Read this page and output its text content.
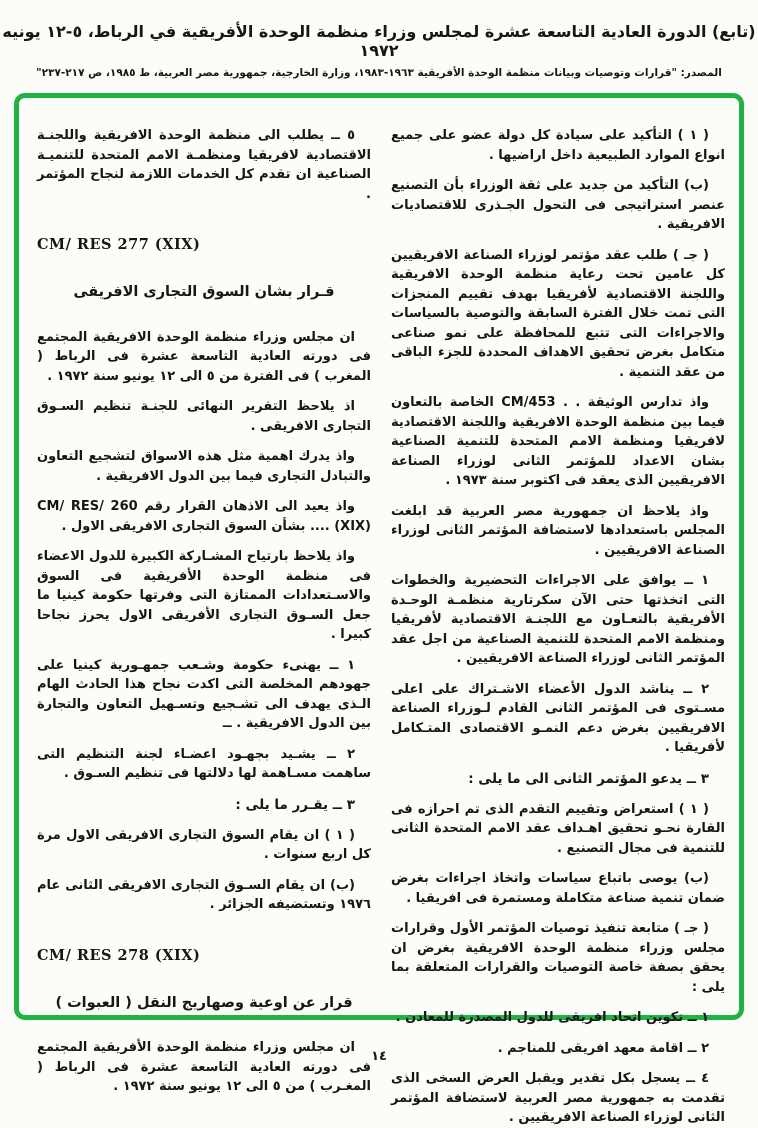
(تابع) الدورة العادية التاسعة عشرة لمجلس وزراء منظمة الوحدة الأفريقية في الرباط، ٥-١٢ يونيه ١٩٧٢
المصدر: "قرارات وتوصيات وبيانات منظمة الوحدة الأفريقية ١٩٦٣-١٩٨٣، وزارة الخارجية، جمهورية مصر العربية، ط ١٩٨٥، ص ٢١٧-٢٣٧"

( ١ ) التأكيد على سيادة كل دولة عضو على جميع انواع الموارد الطبيعية داخل اراضيها .

(ب) التأكيد من جديد على ثقة الوزراء بأن التصنيع عنصر استراتيجى فى التحول الجـذرى للاقتصاديات الافريقية .

( جـ ) طلب عقد مؤتمر لوزراء الصناعة الافريقيين كل عامين تحت رعاية منظمة الوحدة الافريقية واللجنة الاقتصادية لأفريقيا بهدف تقييم المنجزات التى تمت خلال الفترة السابقة والتوصية بالسياسات والاجراءات التى تتبع للمحافظة على نمو صناعى متكامل بغرض تحقيق الاهداف المحددة للجزء الباقى من عقد التنمية .

واذ تدارس الوثيقة . . CM/453 الخاصة بالتعاون فيما بين منظمة الوحدة الافريقية واللجنة الاقتصادية لافريقيا ومنظمة الامم المتحدة للتنمية الصناعية بشان الاعداد للمؤتمر الثانى لوزراء الصناعة الافريقيين الذى يعقد فى اكتوبر سنة ١٩٧٣ .

واذ يلاحظ ان جمهورية مصر العربية قد ابلغت المجلس باستعدادها لاستضافة المؤتمر الثانى لوزراء الصناعة الافريقيين .

١ ــ يوافق على الاجراءات التحضيرية والخطوات التى اتخذتها حتى الآن سكرتارية منظمـة الوحـدة الأفريقية بالتعـاون مع اللجنـة الاقتصادية لأفريقيا ومنظمة الامم المتحدة للتنمية الصناعية من اجل عقد المؤتمر الثانى لوزراء الصناعة الافريقيين .

٢ ــ يناشد الدول الأعضاء الاشـتراك على اعلى مسـتوى فى المؤتمر الثانى القادم لـوزراء الصناعة الافريقيين بغرض دعم النمـو الاقتصادى المتـكامل لأفريقيا .

٣ ــ يدعو المؤتمر الثانى الى ما يلى :

( ١ ) استعراض وتقييم التقدم الذى تم احرازه فى القارة نحـو تحقيق اهـداف عقد الامم المتحدة الثانى للتنمية فى مجال التصنيع .

(ب) يوصى باتباع سياسات واتخاذ اجراءات بغرض ضمان تنمية صناعة متكاملة ومستمرة فى افريقيا .

( جـ ) متابعة تنفيذ توصيات المؤتمر الأول وقرارات مجلس وزراء منظمة الوحدة الافريقية بغرض ان يحقق بصفة خاصة التوصيات والقرارات المتعلقة بما يلى :

١ ــ تكوين اتحاد افريقى للدول المصدرة للمعادن .

٢ ــ اقامة معهد افريقى للمناجم .

٤ ــ يسجل بكل تقدير ويقبل العرض السخى الذى تقدمت به جمهورية مصر العربية لاستضافة المؤتمر الثانى لوزراء الصناعة الافريقيين .

٥ ــ يطلب الى منظمة الوحدة الافريقية واللجنـة الاقتصادية لافريقيا ومنظمـة الامم المتحدة للتنميـة الصناعية ان تقدم كل الخدمات اللازمة لنجاح المؤتمر .

CM/ RES 277 (XIX)

قـرار بشان السوق التجارى الافريقى

ان مجلس وزراء منظمة الوحدة الافريقية المجتمع فى دورته العادية التاسعة عشرة فى الرباط ( المغرب ) فى الفترة من ٥ الى ١٢ يونيو سنة ١٩٧٢ .

اذ يلاحظ التقرير النهائى للجنـة تنظيم السـوق التجارى الافريقى .

واذ يدرك اهمية مثل هذه الاسواق لتشجيع التعاون والتبادل التجارى فيما بين الدول الافريقية .

واذ يعيد الى الاذهان القرار رقم CM/ RES/ 260 (XIX) .... بشأن السوق التجارى الافريقى الاول .

واذ يلاحظ بارتياح المشـاركة الكبيرة للدول الاعضاء فى منظمة الوحدة الأفريقية فى السوق والاسـتعدادات الممتازة التى وفرتها حكومة كينيا ما جعل السـوق التجارى الأفريقى الاول يحرز نجاحا كبيرا .

١ ــ يهنىء حكومة وشـعب جمهـورية كينيا على جهودهم المخلصة التى اكدت نجاح هذا الحادث الهام الـذى يهدف الى تشـجيع وتسـهيل التعاون والتجارة بين الدول الافريقية . ــ

٢ ــ يشـيد بجهـود اعضـاء لجنة التنظيم التى ساهمت مسـاهمة لها دلالتها فى تنظيم السـوق .

٣ ــ يقـرر ما يلى :

( ١ ) ان يقام السوق التجارى الافريقى الاول مرة كل اربع سنوات .

(ب) ان يقام السـوق التجارى الافريقى الثانى عام ١٩٧٦ وتستضيفه الجزائر .

CM/ RES 278 (XIX)

قرار عن اوعية وصهاريج النقل ( العبوات )

ان مجلس وزراء منظمة الوحدة الأفريقية المجتمع فى دورته العادية التاسعة عشرة فى الرباط ( المغـرب ) من ٥ الى ١٢ يونيو سنة ١٩٧٢ .

١٤
